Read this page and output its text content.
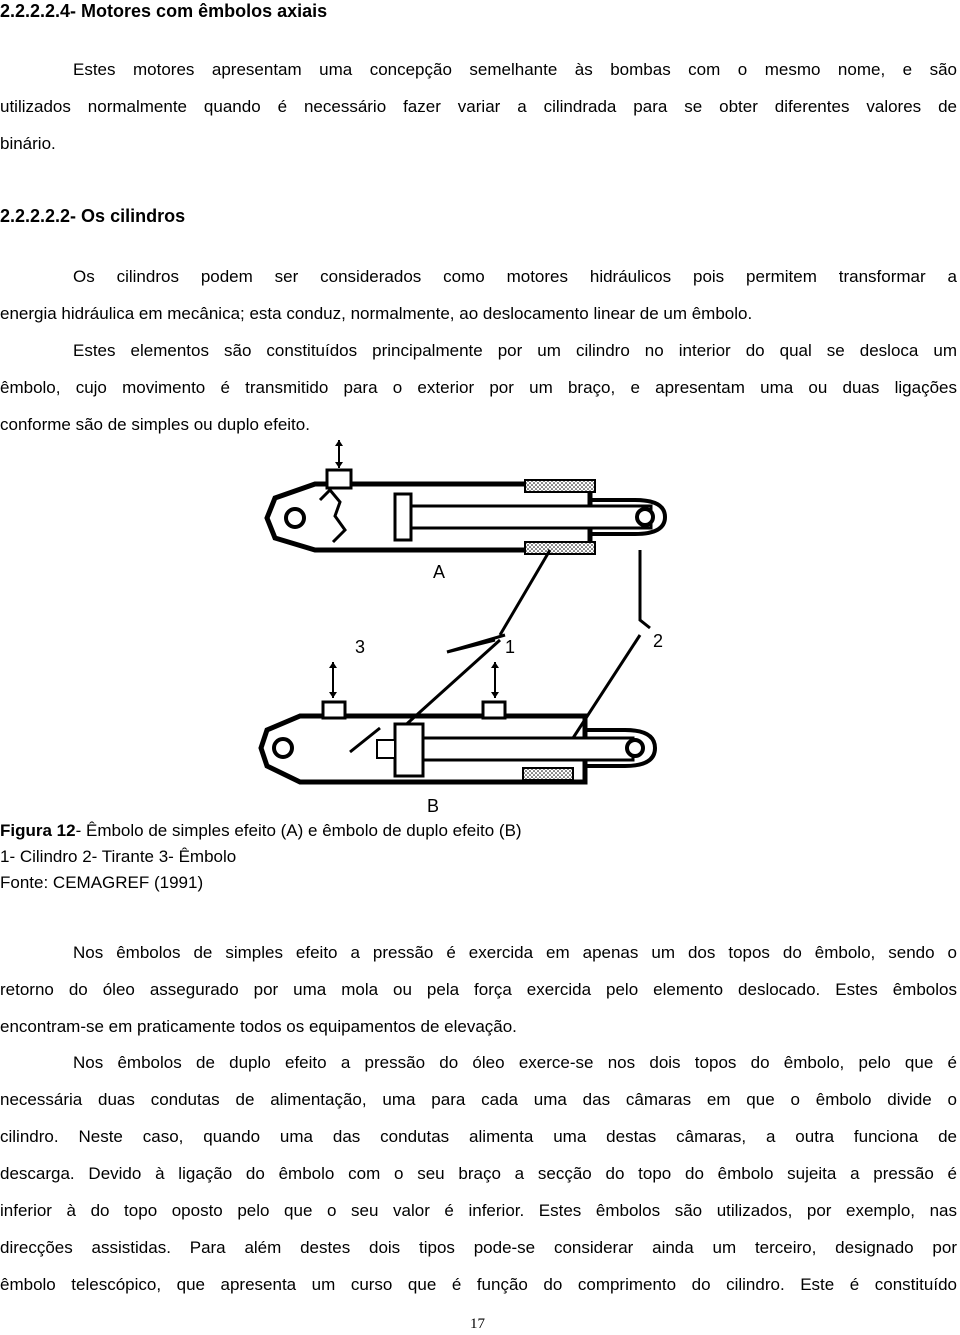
2.2.2.2.4- Motores com êmbolos axiais
Estes motores apresentam uma concepção semelhante às bombas com o mesmo nome, e são
utilizados normalmente quando é necessário fazer variar a cilindrada para se obter diferentes valores de
binário.
2.2.2.2.2- Os cilindros
Os cilindros podem ser considerados como motores hidráulicos pois permitem transformar a
energia hidráulica em mecânica; esta conduz, normalmente, ao deslocamento linear de um êmbolo.
Estes elementos são constituídos principalmente por um cilindro no interior do qual se desloca um
êmbolo, cujo movimento é transmitido para o exterior por um braço, e apresentam uma ou duas ligações
conforme são de simples ou duplo efeito.
A
3	1	2
B
Figura 12- Êmbolo de simples efeito (A) e êmbolo de duplo efeito (B)
1- Cilindro 2- Tirante 3- Êmbolo
Fonte: CEMAGREF (1991)
Nos êmbolos de simples efeito a pressão é exercida em apenas um dos topos do êmbolo, sendo o
retorno do óleo assegurado por uma mola ou pela força exercida pelo elemento deslocado. Estes êmbolos
encontram-se em praticamente todos os equipamentos de elevação.
Nos êmbolos de duplo efeito a pressão do óleo exerce-se nos dois topos do êmbolo, pelo que é
necessária duas condutas de alimentação, uma para cada uma das câmaras em que o êmbolo divide o
cilindro. Neste caso, quando uma das condutas alimenta uma destas câmaras, a outra funciona de
descarga. Devido à ligação do êmbolo com o seu braço a secção do topo do êmbolo sujeita a pressão é
inferior à do topo oposto pelo que o seu valor é inferior. Estes êmbolos são utilizados, por exemplo, nas
direcções assistidas. Para além destes dois tipos pode-se considerar ainda um terceiro, designado por
êmbolo telescópico, que apresenta um curso que é função do comprimento do cilindro. Este é constituído
17
